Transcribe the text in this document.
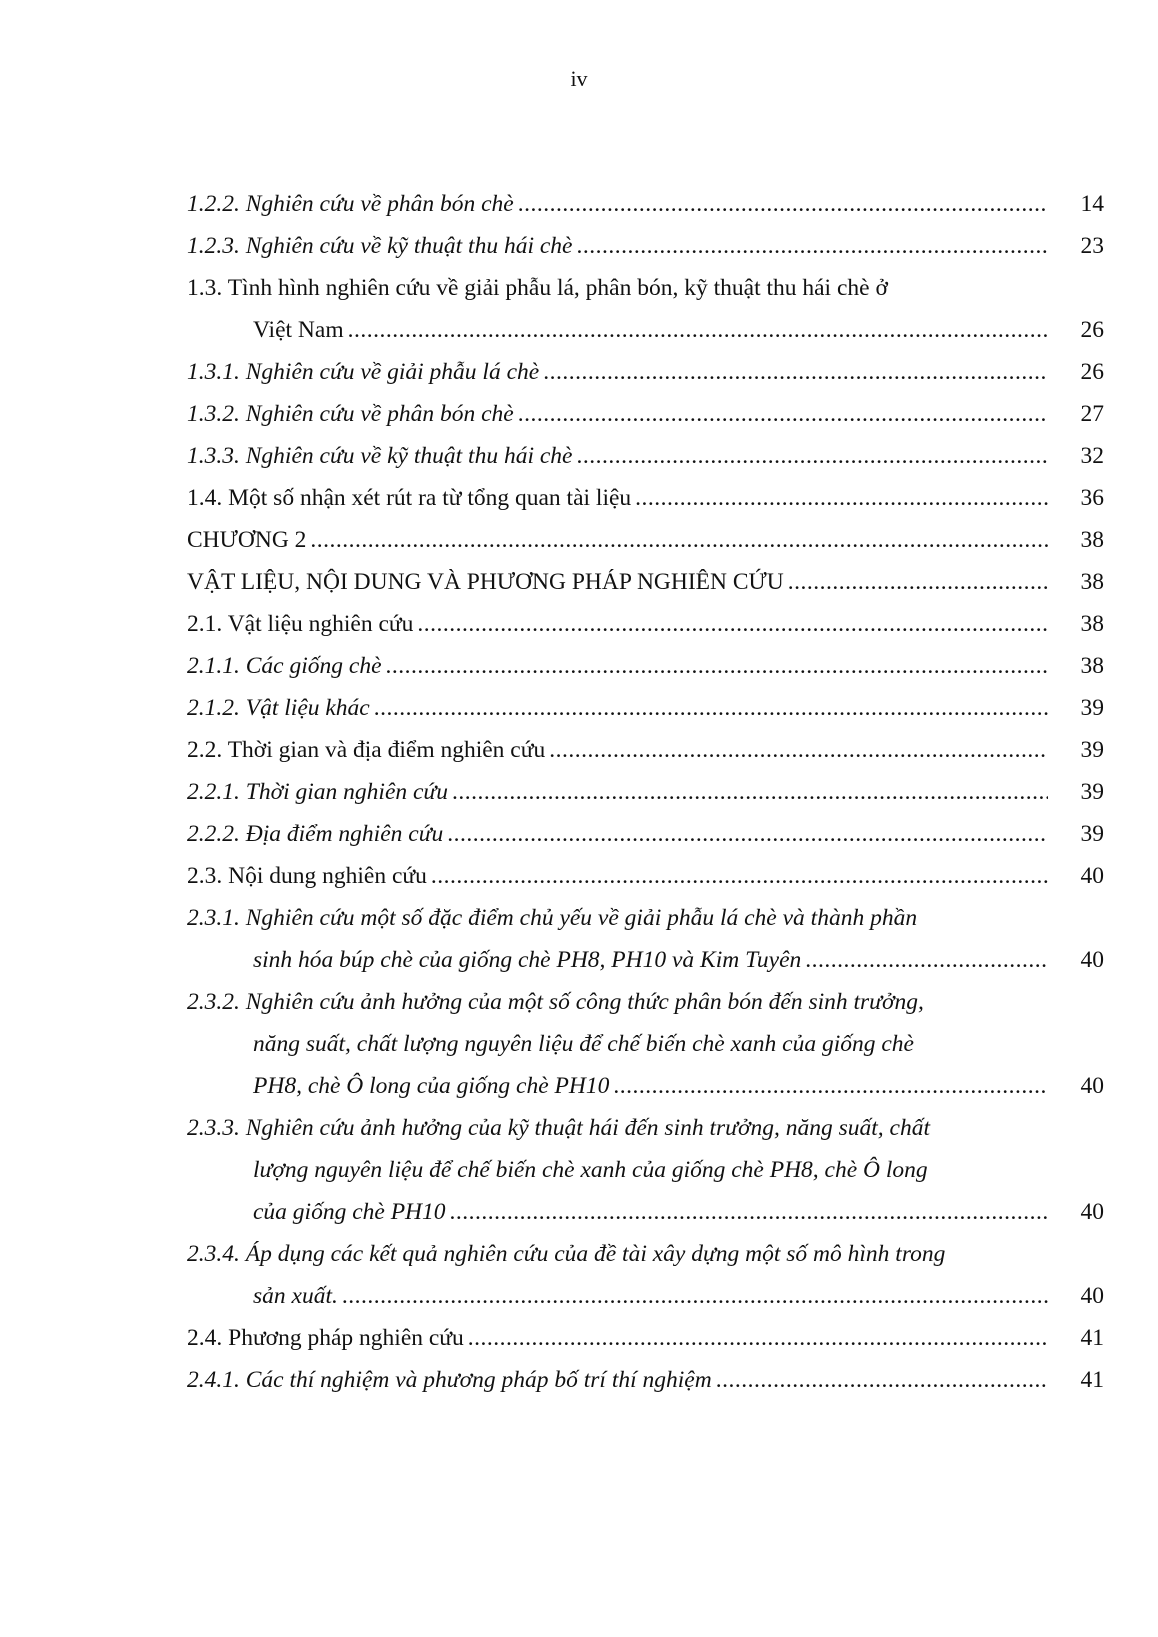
iv
1.2.2. Nghiên cứu về phân bón chè .....	14
1.2.3. Nghiên cứu về kỹ thuật thu hái chè .....	23
1.3. Tình hình nghiên cứu về giải phẫu lá, phân bón, kỹ thuật thu hái chè ở
Việt Nam .....	26
1.3.1. Nghiên cứu về giải phẫu lá chè .....	26
1.3.2. Nghiên cứu về phân bón chè .....	27
1.3.3. Nghiên cứu về kỹ thuật thu hái chè .....	32
1.4. Một số nhận xét rút ra từ tổng quan tài liệu .....	36
CHƯƠNG 2 .....	38
VẬT LIỆU, NỘI DUNG VÀ PHƯƠNG PHÁP NGHIÊN CỨU .....	38
2.1. Vật liệu nghiên cứu .....	38
2.1.1. Các giống chè .....	38
2.1.2. Vật liệu khác .....	39
2.2. Thời gian và địa điểm nghiên cứu .....	39
2.2.1. Thời gian nghiên cứu .....	39
2.2.2. Địa điểm nghiên cứu .....	39
2.3. Nội dung nghiên cứu .....	40
2.3.1. Nghiên cứu một số đặc điểm chủ yếu về giải phẫu lá chè và thành phần
sinh hóa búp chè của giống chè PH8, PH10 và Kim Tuyên .....	40
2.3.2. Nghiên cứu ảnh hưởng của một số công thức phân bón đến sinh trưởng,
năng suất, chất lượng nguyên liệu để chế biến chè xanh của giống chè
PH8, chè Ô long của giống chè PH10 .....	40
2.3.3. Nghiên cứu ảnh hưởng của kỹ thuật hái đến sinh trưởng, năng suất, chất
lượng nguyên liệu để chế biến chè xanh của giống chè PH8, chè Ô long
của giống chè PH10 .....	40
2.3.4. Áp dụng các kết quả nghiên cứu của đề tài xây dựng một số mô hình trong
sản xuất. .....	40
2.4. Phương pháp nghiên cứu .....	41
2.4.1. Các thí nghiệm và phương pháp bố trí thí nghiệm .....	41
